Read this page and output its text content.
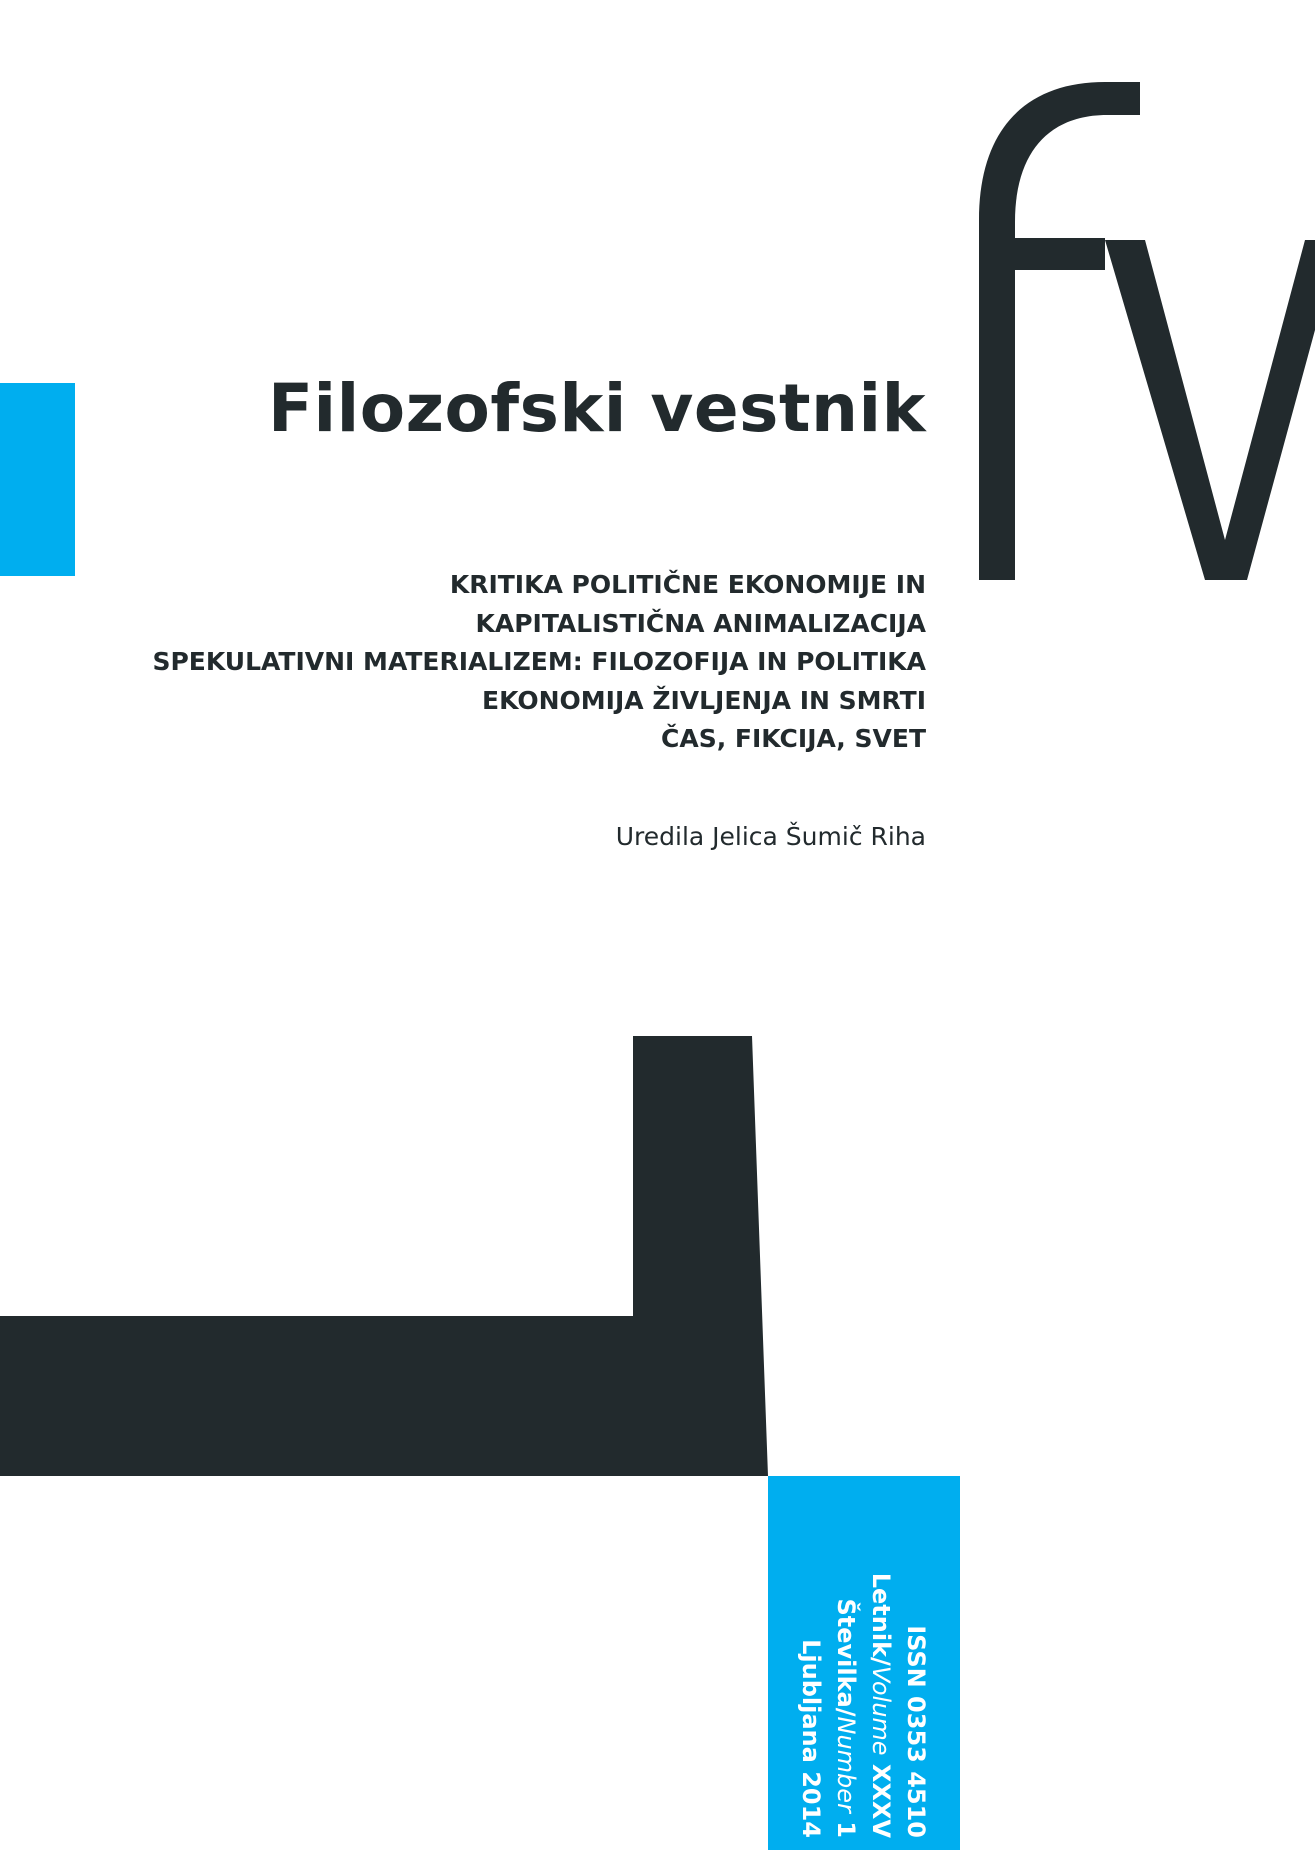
Filozofski vestnik
KRITIKA POLITIČNE EKONOMIJE IN
KAPITALISTIČNA ANIMALIZACIJA
SPEKULATIVNI MATERIALIZEM: FILOZOFIJA IN POLITIKA
EKONOMIJA ŽIVLJENJA IN SMRTI
ČAS, FIKCIJA, SVET

Uredila Jelica Šumič Riha

ISSN 0353 4510
Letnik/Volume XXXV
Številka/Number 1
Ljubljana 2014
